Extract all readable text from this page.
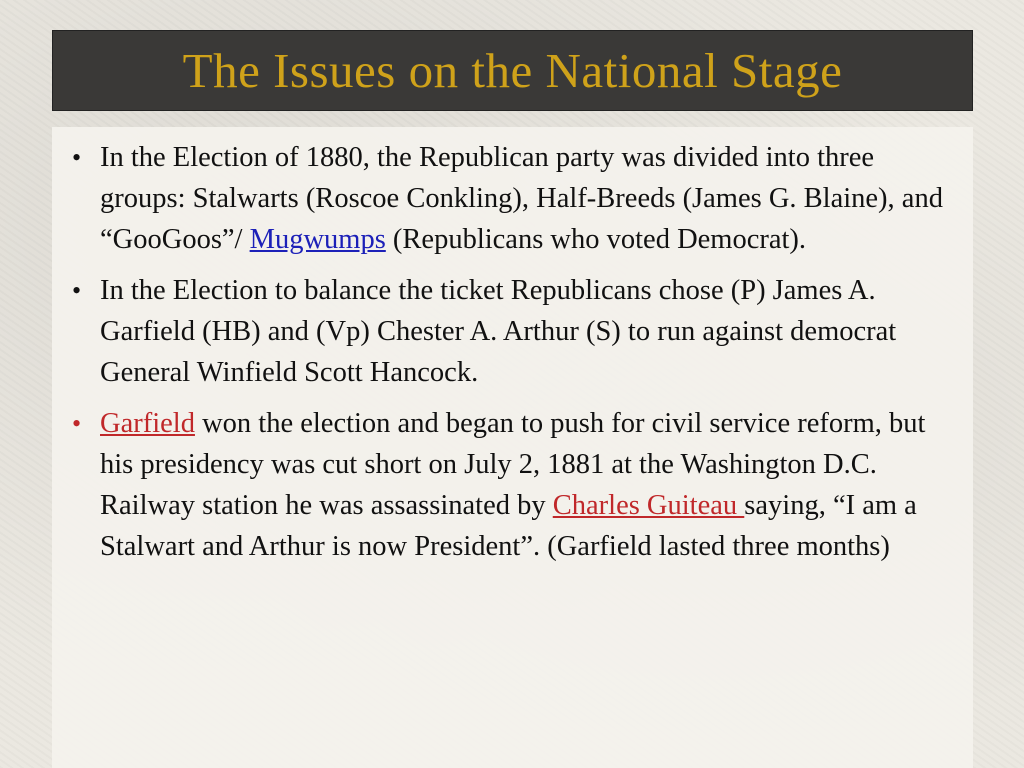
The Issues on the National Stage
• In the Election of 1880, the Republican party was divided into three groups: Stalwarts (Roscoe Conkling), Half-Breeds (James G. Blaine), and “GooGoos”/ Mugwumps (Republicans who voted Democrat).
• In the Election to balance the ticket Republicans chose (P) James A. Garfield (HB) and (Vp) Chester A. Arthur (S) to run against democrat General Winfield Scott Hancock.
• Garfield won the election and began to push for civil service reform, but his presidency was cut short on July 2, 1881 at the Washington D.C. Railway station he was assassinated by Charles Guiteau saying, “I am a Stalwart and Arthur is now President”. (Garfield lasted three months)
